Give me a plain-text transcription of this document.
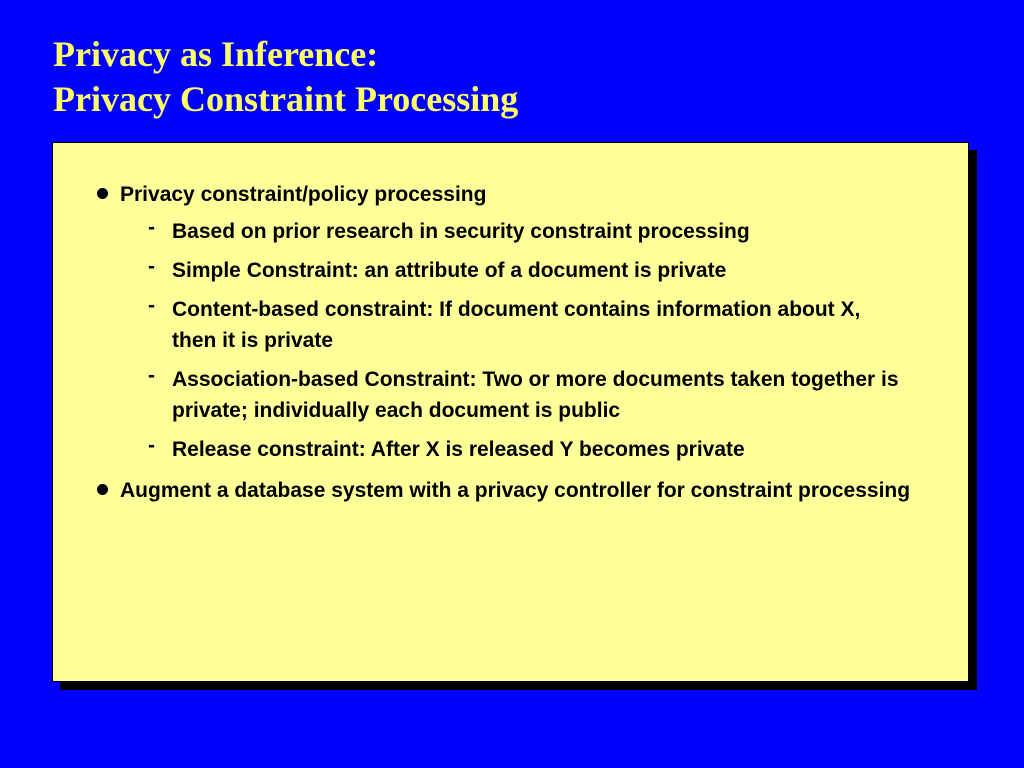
Privacy as Inference:
Privacy Constraint Processing
Privacy constraint/policy processing
- Based on prior research in security constraint processing
- Simple Constraint: an attribute of a document is private
- Content-based constraint: If document contains information about X, then it is private
- Association-based Constraint: Two or more documents taken together is private; individually each document is public
- Release constraint: After X is released Y becomes private
Augment a database system with a privacy controller for constraint processing
